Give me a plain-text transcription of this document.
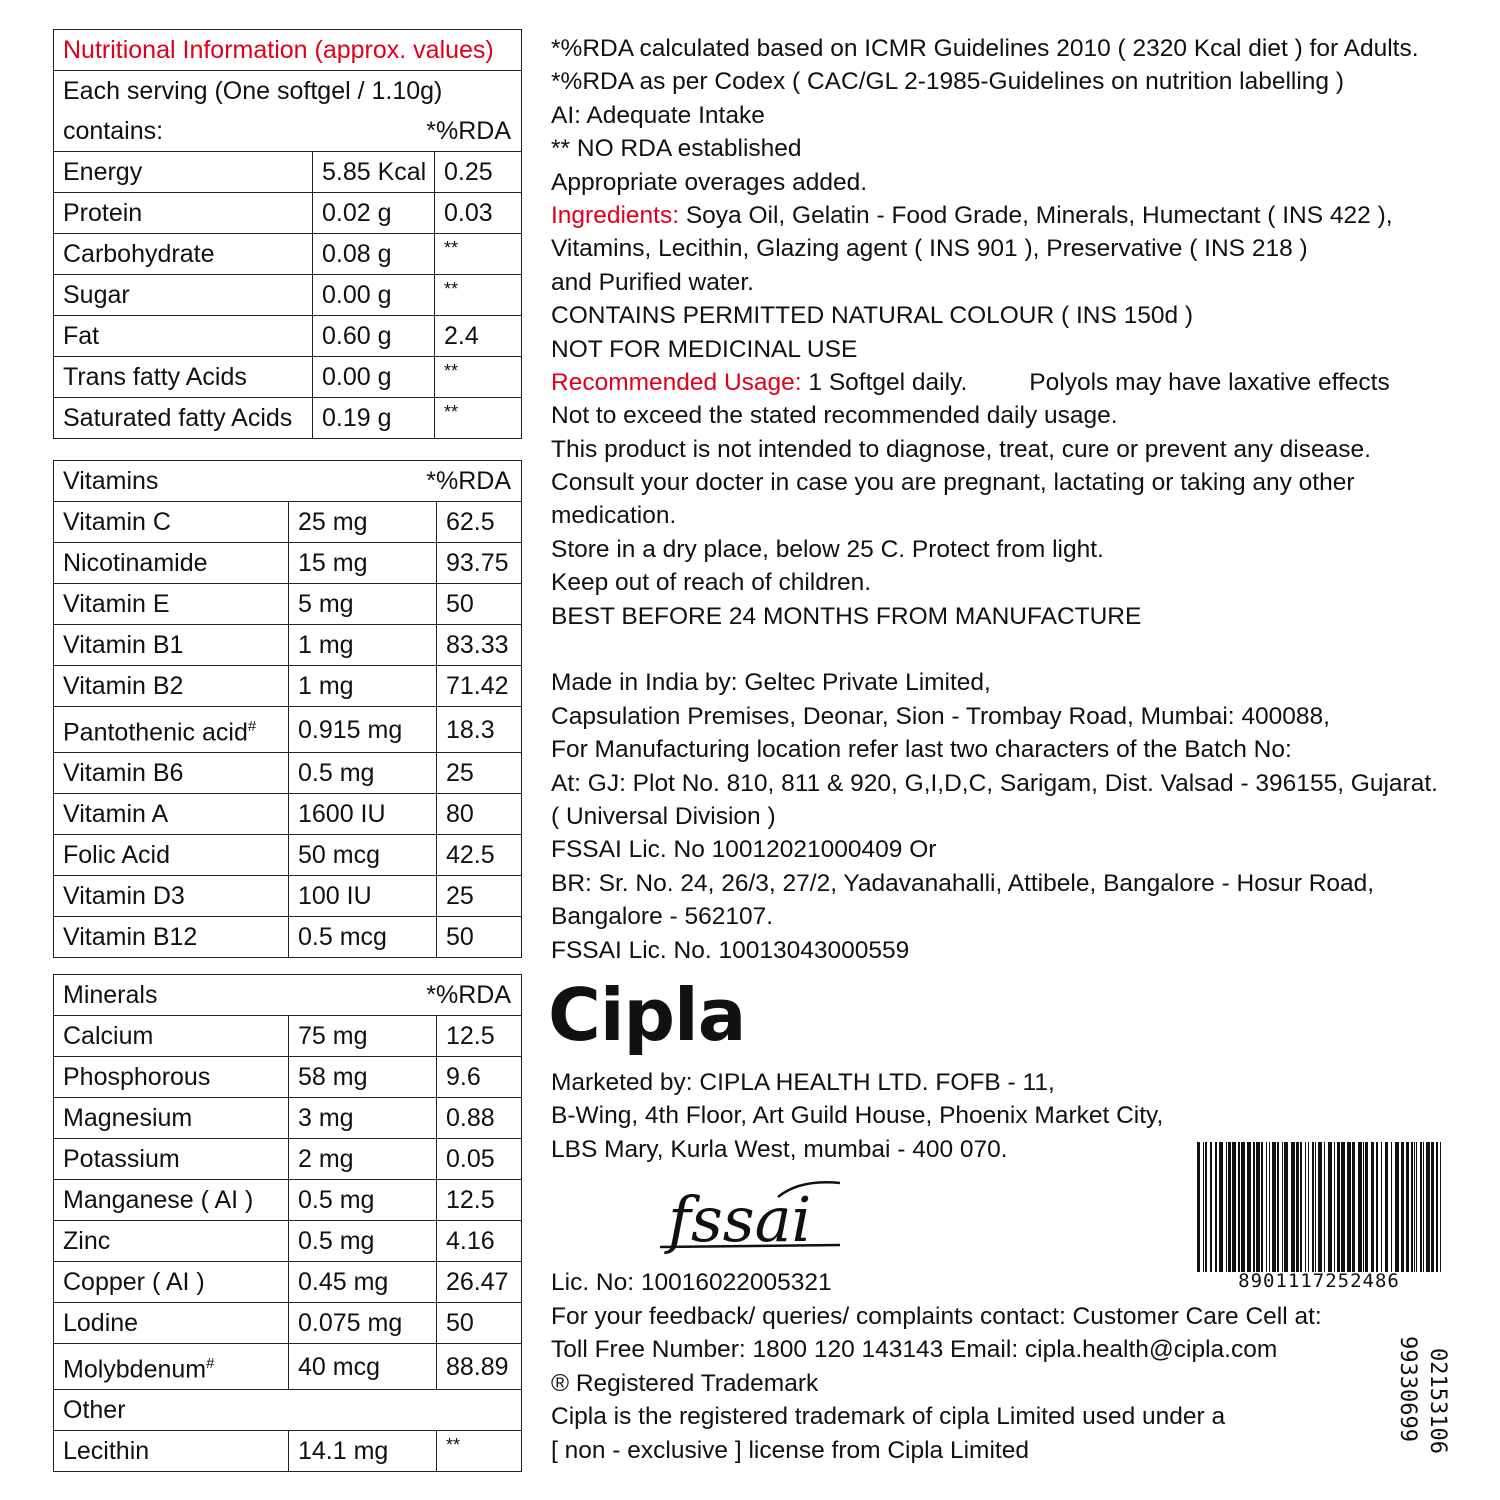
Nutritional Information (approx. values)		
Each serving (One softgel / 1.10g)		

contains: *%RDA		

Energy	5.85 Kcal	0.25
Protein	0.02 g	0.03
Carbohydrate	0.08 g	**
Sugar	0.00 g	**
Fat	0.60 g	2.4
Trans fatty Acids	0.00 g	**
Saturated fatty Acids	0.19 g	**
Vitamins *%RDA		

Vitamin C	25 mg	62.5
Nicotinamide	15 mg	93.75
Vitamin E	5 mg	50
Vitamin B1	1 mg	83.33
Vitamin B2	1 mg	71.42
Pantothenic acid#	0.915 mg	18.3
Vitamin B6	0.5 mg	25
Vitamin A	1600 IU	80
Folic Acid	50 mcg	42.5
Vitamin D3	100 IU	25
Vitamin B12	0.5 mcg	50
Minerals *%RDA		

Calcium	75 mg	12.5
Phosphorous	58 mg	9.6
Magnesium	3 mg	0.88
Potassium	2 mg	0.05
Manganese ( AI )	0.5 mg	12.5
Zinc	0.5 mg	4.16
Copper ( AI )	0.45 mg	26.47
Lodine	0.075 mg	50
Molybdenum#	40 mcg	88.89
Other		
Lecithin	14.1 mg	**
*%RDA calculated based on ICMR Guidelines 2010 ( 2320 Kcal diet ) for Adults.
*%RDA as per Codex ( CAC/GL 2-1985-Guidelines on nutrition labelling )
AI: Adequate Intake
** NO RDA established
Appropriate overages added.
Ingredients: Soya Oil, Gelatin - Food Grade, Minerals, Humectant ( INS 422 ),
Vitamins, Lecithin, Glazing agent ( INS 901 ), Preservative ( INS 218 )
and Purified water.
CONTAINS PERMITTED NATURAL COLOUR ( INS 150d )
NOT FOR MEDICINAL USE
Recommended Usage: 1 Softgel daily.	Polyols may have laxative effects
Not to exceed the stated recommended daily usage.
This product is not intended to diagnose, treat, cure or prevent any disease.
Consult your docter in case you are pregnant, lactating or taking any other
medication.
Store in a dry place, below 25 C. Protect from light.
Keep out of reach of children.
BEST BEFORE 24 MONTHS FROM MANUFACTURE
Made in India by: Geltec Private Limited,
Capsulation Premises, Deonar, Sion - Trombay Road, Mumbai: 400088,
For Manufacturing location refer last two characters of the Batch No:
At: GJ: Plot No. 810, 811 & 920, G,I,D,C, Sarigam, Dist. Valsad - 396155, Gujarat.
( Universal Division )
FSSAI Lic. No 10012021000409 Or
BR: Sr. No. 24, 26/3, 27/2, Yadavanahalli, Attibele, Bangalore - Hosur Road,
Bangalore - 562107.
FSSAI Lic. No. 10013043000559
Cipla
Marketed by: CIPLA HEALTH LTD. FOFB - 11,
B-Wing, 4th Floor, Art Guild House, Phoenix Market City,
LBS Mary, Kurla West, mumbai - 400 070.
fssai
8901117252486
99330699 02153106
Lic. No: 10016022005321
For your feedback/ queries/ complaints contact: Customer Care Cell at:
Toll Free Number: 1800 120 143143 Email: cipla.health@cipla.com
® Registered Trademark
Cipla is the registered trademark of cipla Limited used under a
[ non - exclusive ] license from Cipla Limited
